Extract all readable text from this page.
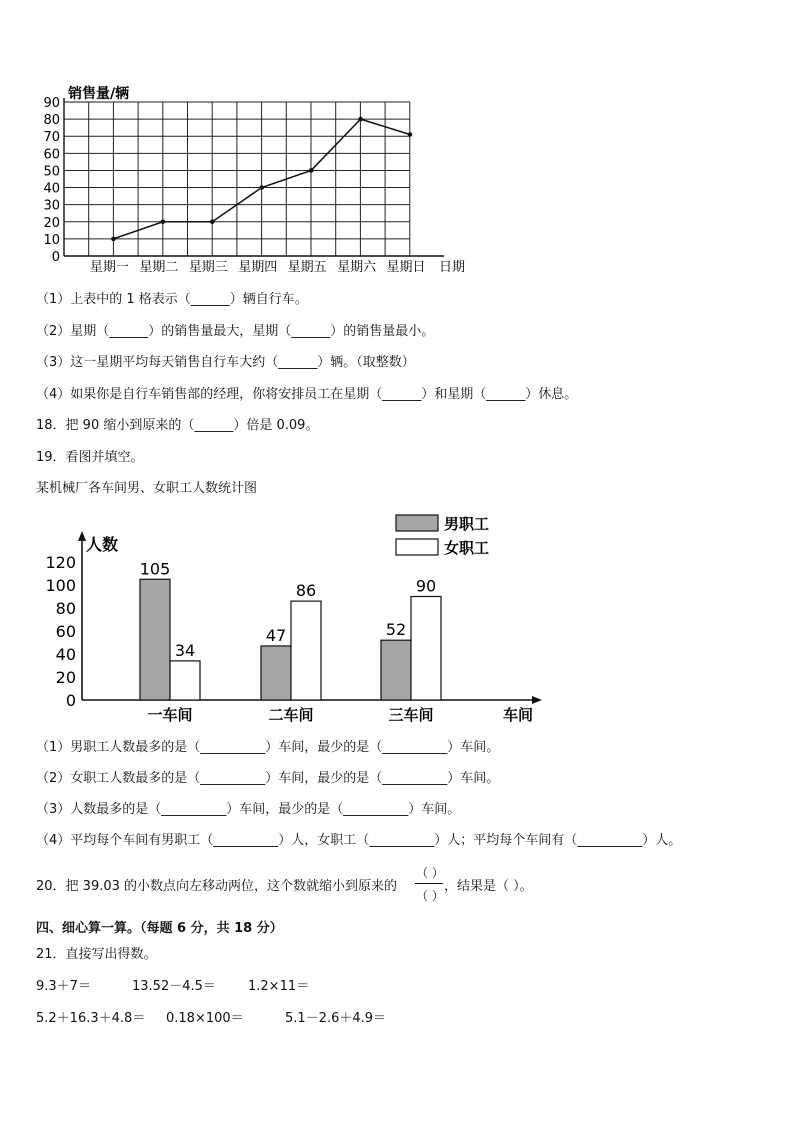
0
10
20
30
40
50
60
70
80
90
星期一 星期二 星期三 星期四 星期五 星期六 星期日
销售量/辆
日期
（1）上表中的 1 格表示（______）辆自行车。
（2）星期（______）的销售量最大，星期（______）的销售量最小。
（3）这一星期平均每天销售自行车大约（______）辆。（取整数）
（4）如果你是自行车销售部的经理，你将安排员工在星期（______）和星期（______）休息。
18．把 90 缩小到原来的（______）倍是 0.09。
19．看图并填空。
某机械厂各车间男、女职工人数统计图
0
20
40
60
80
100
120	105
34
47
86
52
90
一车间	二车间	三车间
男职工
女职工
人数
车间
（1）男职工人数最多的是（__________）车间，最少的是（__________）车间。
（2）女职工人数最多的是（__________）车间，最少的是（__________）车间。
（3）人数最多的是（__________）车间，最少的是（__________）车间。
（4）平均每个车间有男职工（__________）人，女职工（__________）人；平均每个车间有（__________）人。
20．把 39.03 的小数点向左移动两位，这个数就缩小到原来的
（ ）
（ ）
，结果是（ ）。
四、细心算一算。（每题 6 分，共 18 分）
21．直接写出得数。
9.3＋7＝	13.52－4.5＝ 1.2×11＝
5.2＋16.3＋4.8＝ 0.18×100＝	5.1－2.6＋4.9＝
